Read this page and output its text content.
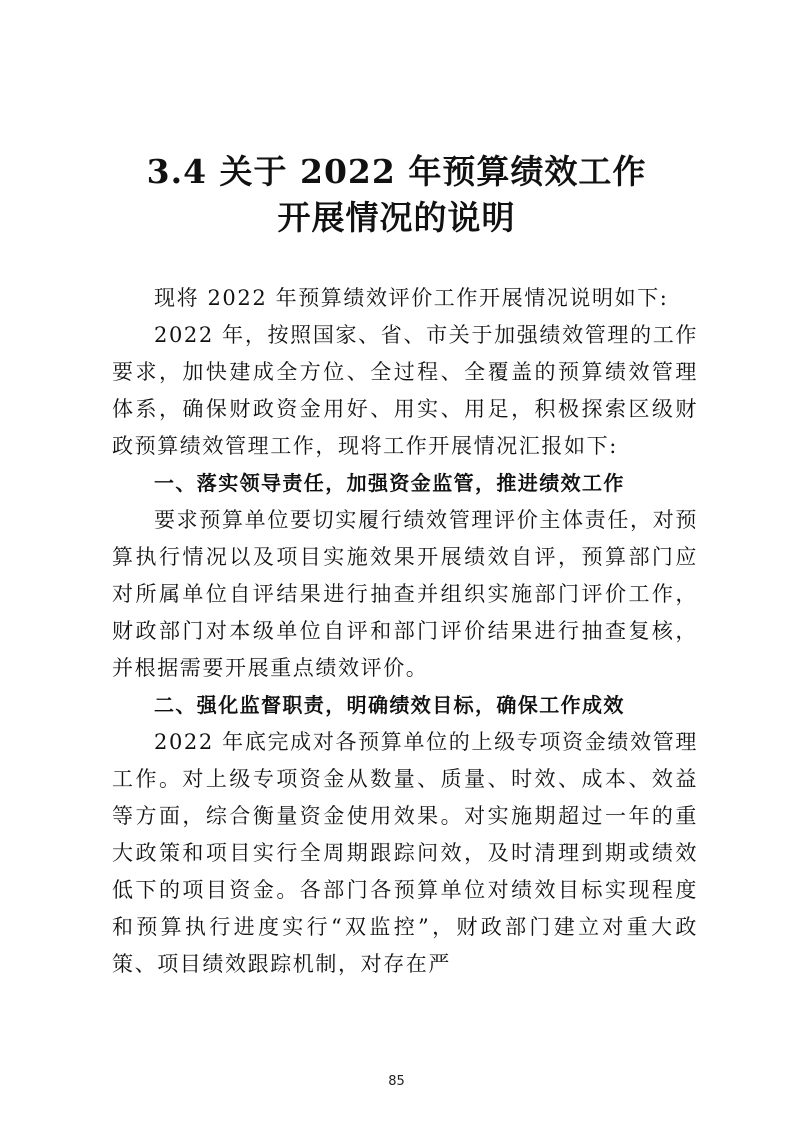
3.4 关于 2022 年预算绩效工作
开展情况的说明

现将 2022 年预算绩效评价工作开展情况说明如下:

2022 年，按照国家、省、市关于加强绩效管理的工作要求，加快建成全方位、全过程、全覆盖的预算绩效管理体系，确保财政资金用好、用实、用足，积极探索区级财政预算绩效管理工作，现将工作开展情况汇报如下:

一、落实领导责任，加强资金监管，推进绩效工作

要求预算单位要切实履行绩效管理评价主体责任，对预算执行情况以及项目实施效果开展绩效自评，预算部门应对所属单位自评结果进行抽查并组织实施部门评价工作，财政部门对本级单位自评和部门评价结果进行抽查复核，并根据需要开展重点绩效评价。

二、强化监督职责，明确绩效目标，确保工作成效

2022 年底完成对各预算单位的上级专项资金绩效管理工作。对上级专项资金从数量、质量、时效、成本、效益等方面，综合衡量资金使用效果。对实施期超过一年的重大政策和项目实行全周期跟踪问效，及时清理到期或绩效低下的项目资金。各部门各预算单位对绩效目标实现程度和预算执行进度实行“双监控”，财政部门建立对重大政策、项目绩效跟踪机制，对存在严

85
